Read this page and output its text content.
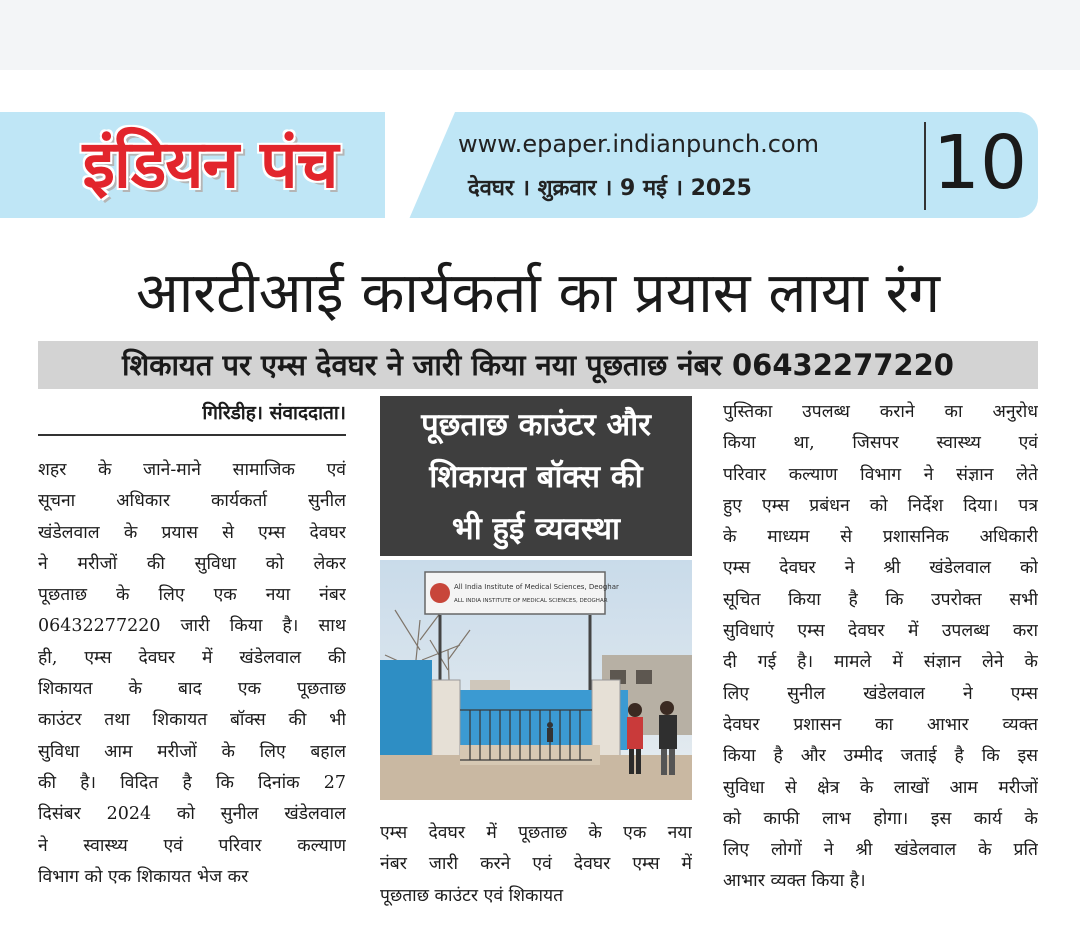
इंडियन पंच	www.epaper.indianpunch.com
देवघर । शुक्रवार । 9 मई । 2025	10
आरटीआई कार्यकर्ता का प्रयास लाया रंग
शिकायत पर एम्स देवघर ने जारी किया नया पूछताछ नंबर 06432277220
गिरिडीह। संवाददाता।
शहर के जाने-माने सामाजिक एवं
सूचना अधिकार कार्यकर्ता सुनील
खंडेलवाल के प्रयास से एम्स देवघर
ने मरीजों की सुविधा को लेकर
पूछताछ के लिए एक नया नंबर
06432277220 जारी किया है। साथ
ही, एम्स देवघर में खंडेलवाल की
शिकायत के बाद एक पूछताछ
काउंटर तथा शिकायत बॉक्स की भी
सुविधा आम मरीजों के लिए बहाल
की है। विदित है कि दिनांक 27
दिसंबर 2024 को सुनील खंडेलवाल
ने स्वास्थ्य एवं परिवार कल्याण
विभाग को एक शिकायत भेज कर
पूछताछ काउंटर और
शिकायत बॉक्स की
भी हुई व्यवस्था
All India Institute of Medical Sciences, Deoghar
ALL INDIA INSTITUTE OF MEDICAL SCIENCES, DEOGHAR
एम्स देवघर में पूछताछ के एक नया
नंबर जारी करने एवं देवघर एम्स में
पूछताछ काउंटर एवं शिकायत
पुस्तिका उपलब्ध कराने का अनुरोध
किया था, जिसपर स्वास्थ्य एवं
परिवार कल्याण विभाग ने संज्ञान लेते
हुए एम्स प्रबंधन को निर्देश दिया। पत्र
के माध्यम से प्रशासनिक अधिकारी
एम्स देवघर ने श्री खंडेलवाल को
सूचित किया है कि उपरोक्त सभी
सुविधाएं एम्स देवघर में उपलब्ध करा
दी गई है। मामले में संज्ञान लेने के
लिए सुनील खंडेलवाल ने एम्स
देवघर प्रशासन का आभार व्यक्त
किया है और उम्मीद जताई है कि इस
सुविधा से क्षेत्र के लाखों आम मरीजों
को काफी लाभ होगा। इस कार्य के
लिए लोगों ने श्री खंडेलवाल के प्रति
आभार व्यक्त किया है।
